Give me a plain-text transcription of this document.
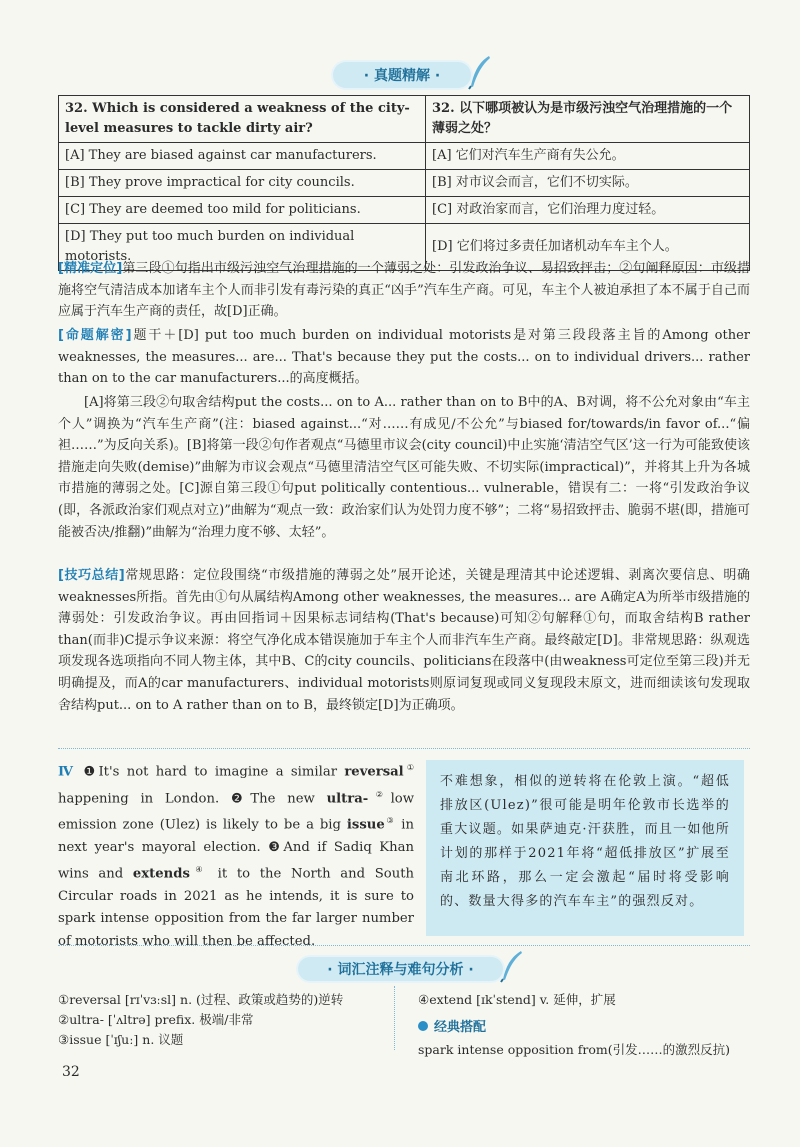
· 真题精解 ·
32. Which is considered a weakness of the city-level measures to tackle dirty air?	32. 以下哪项被认为是市级污浊空气治理措施的一个薄弱之处？
[A] They are biased against car manufacturers.	[A] 它们对汽车生产商有失公允。
[B] They prove impractical for city councils.	[B] 对市议会而言，它们不切实际。
[C] They are deemed too mild for politicians.	[C] 对政治家而言，它们治理力度过轻。
[D] They put too much burden on individual motorists.	[D] 它们将过多责任加诸机动车车主个人。
[精准定位]第三段①句指出市级污浊空气治理措施的一个薄弱之处：引发政治争议、易招致抨击；②句阐释原因：市级措施将空气清洁成本加诸车主个人而非引发有毒污染的真正“凶手”汽车生产商。可见，车主个人被迫承担了本不属于自己而应属于汽车生产商的责任，故[D]正确。
[命题解密]题干＋[D] put too much burden on individual motorists是对第三段段落主旨的Among other weaknesses, the measures... are... That's because they put the costs... on to individual drivers... rather than on to the car manufacturers...的高度概括。
[A]将第三段②句取舍结构put the costs... on to A... rather than on to B中的A、B对调，将不公允对象由“车主个人”调换为“汽车生产商”(注：biased against...“对……有成见/不公允”与biased for/towards/in favor of...“偏袒……”为反向关系)。[B]将第一段②句作者观点“马德里市议会(city council)中止实施‘清洁空气区’这一行为可能致使该措施走向失败(demise)”曲解为市议会观点“马德里清洁空气区可能失败、不切实际(impractical)”，并将其上升为各城市措施的薄弱之处。[C]源自第三段①句put politically contentious... vulnerable，错误有二：一将“引发政治争议(即，各派政治家们观点对立)”曲解为“观点一致：政治家们认为处罚力度不够”；二将“易招致抨击、脆弱不堪(即，措施可能被否决/推翻)”曲解为“治理力度不够、太轻”。
[技巧总结]常规思路：定位段围绕“市级措施的薄弱之处”展开论述，关键是理清其中论述逻辑、剥离次要信息、明确weaknesses所指。首先由①句从属结构Among other weaknesses, the measures... are A确定A为所举市级措施的薄弱处：引发政治争议。再由回指词＋因果标志词结构(That's because)可知②句解释①句，而取舍结构B rather than(而非)C提示争议来源：将空气净化成本错误施加于车主个人而非汽车生产商。最终敲定[D]。非常规思路：纵观选项发现各选项指向不同人物主体，其中B、C的city councils、politicians在段落中(由weakness可定位至第三段)并无明确提及，而A的car manufacturers、individual motorists则原词复现或同义复现段末原文，进而细读该句发现取舍结构put... on to A rather than on to B，最终锁定[D]为正确项。
Ⅳ ❶It's not hard to imagine a similar reversal① happening in London. ❷The new ultra-②low emission zone (Ulez) is likely to be a big issue③ in next year's mayoral election. ❸And if Sadiq Khan wins and extends④ it to the North and South Circular roads in 2021 as he intends, it is sure to spark intense opposition from the far larger number of motorists who will then be affected.
不难想象，相似的逆转将在伦敦上演。“超低排放区(Ulez)”很可能是明年伦敦市长选举的重大议题。如果萨迪克·汗获胜，而且一如他所计划的那样于2021年将“超低排放区”扩展至南北环路，那么一定会激起“届时将受影响的、数量大得多的汽车车主”的强烈反对。
· 词汇注释与难句分析 ·
①reversal [rɪˈvɜːsl] n. (过程、政策或趋势的)逆转
②ultra- [ˈʌltrə] prefix. 极端/非常
③issue [ˈɪʃuː] n. 议题
④extend [ɪkˈstend] v. 延伸，扩展
经典搭配
spark intense opposition from(引发……的激烈反抗)
32
